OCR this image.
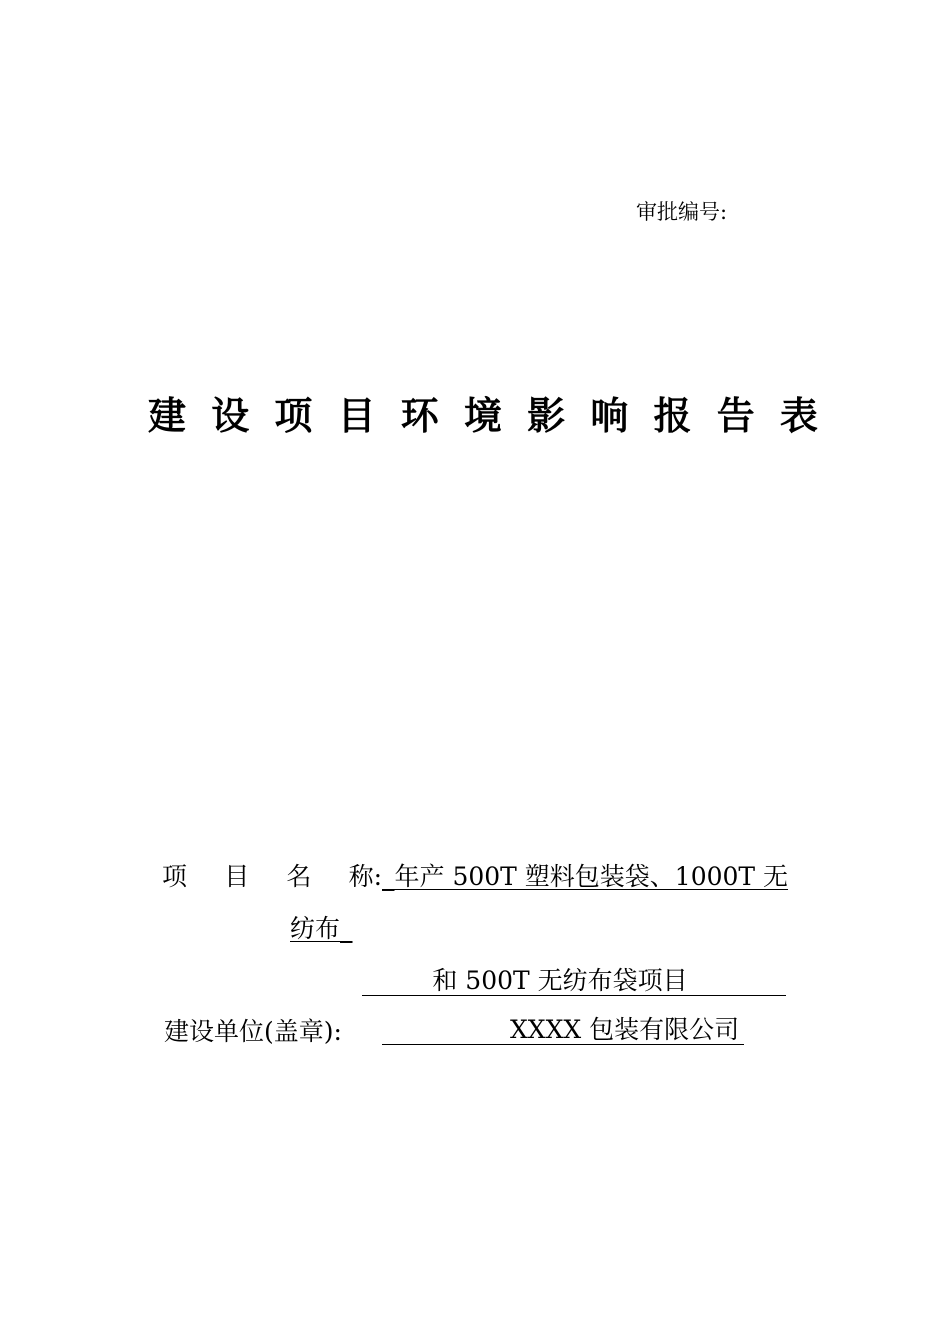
审批编号:
建 设 项 目 环 境 影 响 报 告 表
项 目 名 称: _年产 500T 塑料包装袋、1000T 无
纺布_
和 500T 无纺布袋项目
建设单位(盖章):	XXXX 包装有限公司
